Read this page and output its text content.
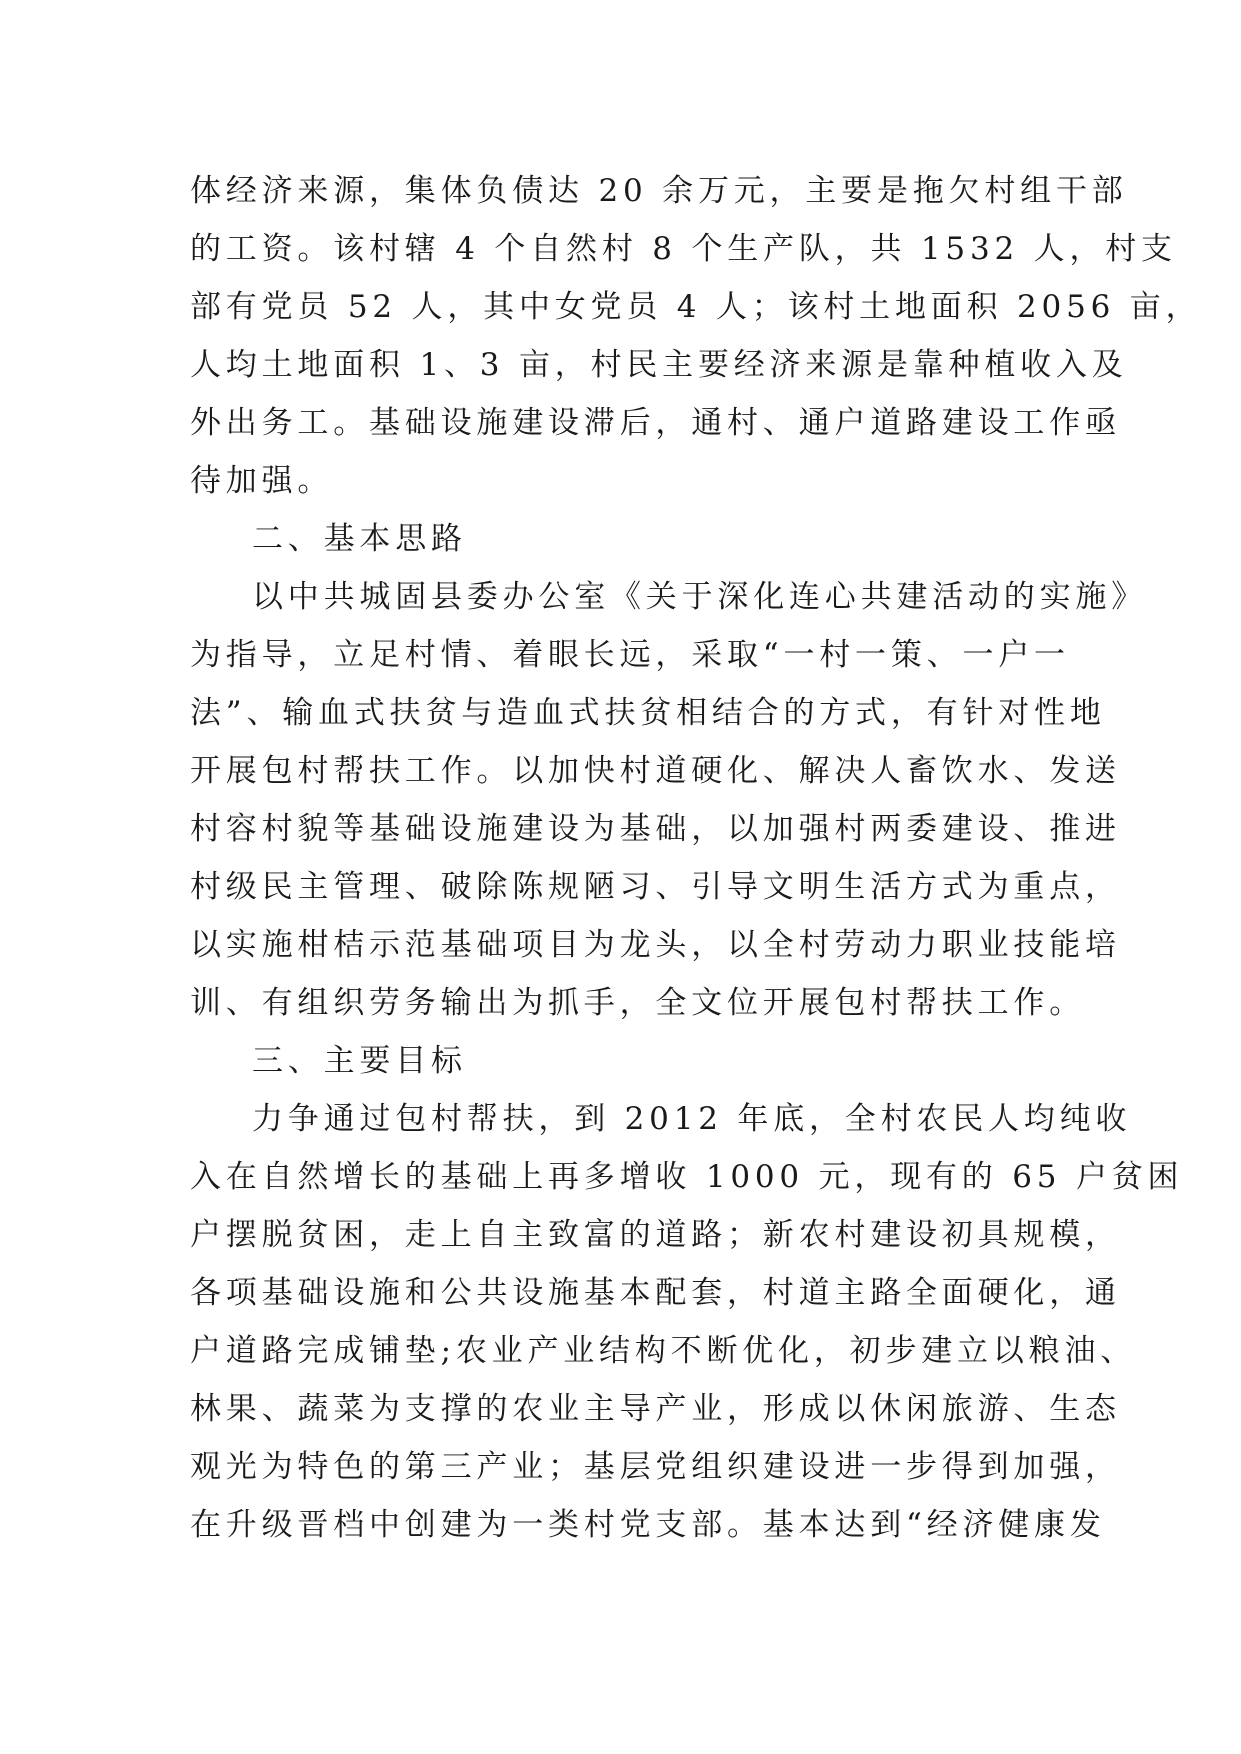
体经济来源，集体负债达 20 余万元，主要是拖欠村组干部
的工资。该村辖 4 个自然村 8 个生产队，共 1532 人，村支
部有党员 52 人，其中女党员 4 人；该村土地面积 2056 亩，
人均土地面积 1、3 亩，村民主要经济来源是靠种植收入及
外出务工。基础设施建设滞后，通村、通户道路建设工作亟
待加强。
二、基本思路
以中共城固县委办公室《关于深化连心共建活动的实施》
为指导，立足村情、着眼长远，采取“一村一策、一户一
法”、输血式扶贫与造血式扶贫相结合的方式，有针对性地
开展包村帮扶工作。以加快村道硬化、解决人畜饮水、发送
村容村貌等基础设施建设为基础，以加强村两委建设、推进
村级民主管理、破除陈规陋习、引导文明生活方式为重点，
以实施柑桔示范基础项目为龙头，以全村劳动力职业技能培
训、有组织劳务输出为抓手，全文位开展包村帮扶工作。
三、主要目标
力争通过包村帮扶，到 2012 年底，全村农民人均纯收
入在自然增长的基础上再多增收 1000 元，现有的 65 户贫困
户摆脱贫困，走上自主致富的道路；新农村建设初具规模，
各项基础设施和公共设施基本配套，村道主路全面硬化，通
户道路完成铺垫;农业产业结构不断优化，初步建立以粮油、
林果、蔬菜为支撑的农业主导产业，形成以休闲旅游、生态
观光为特色的第三产业；基层党组织建设进一步得到加强，
在升级晋档中创建为一类村党支部。基本达到“经济健康发
